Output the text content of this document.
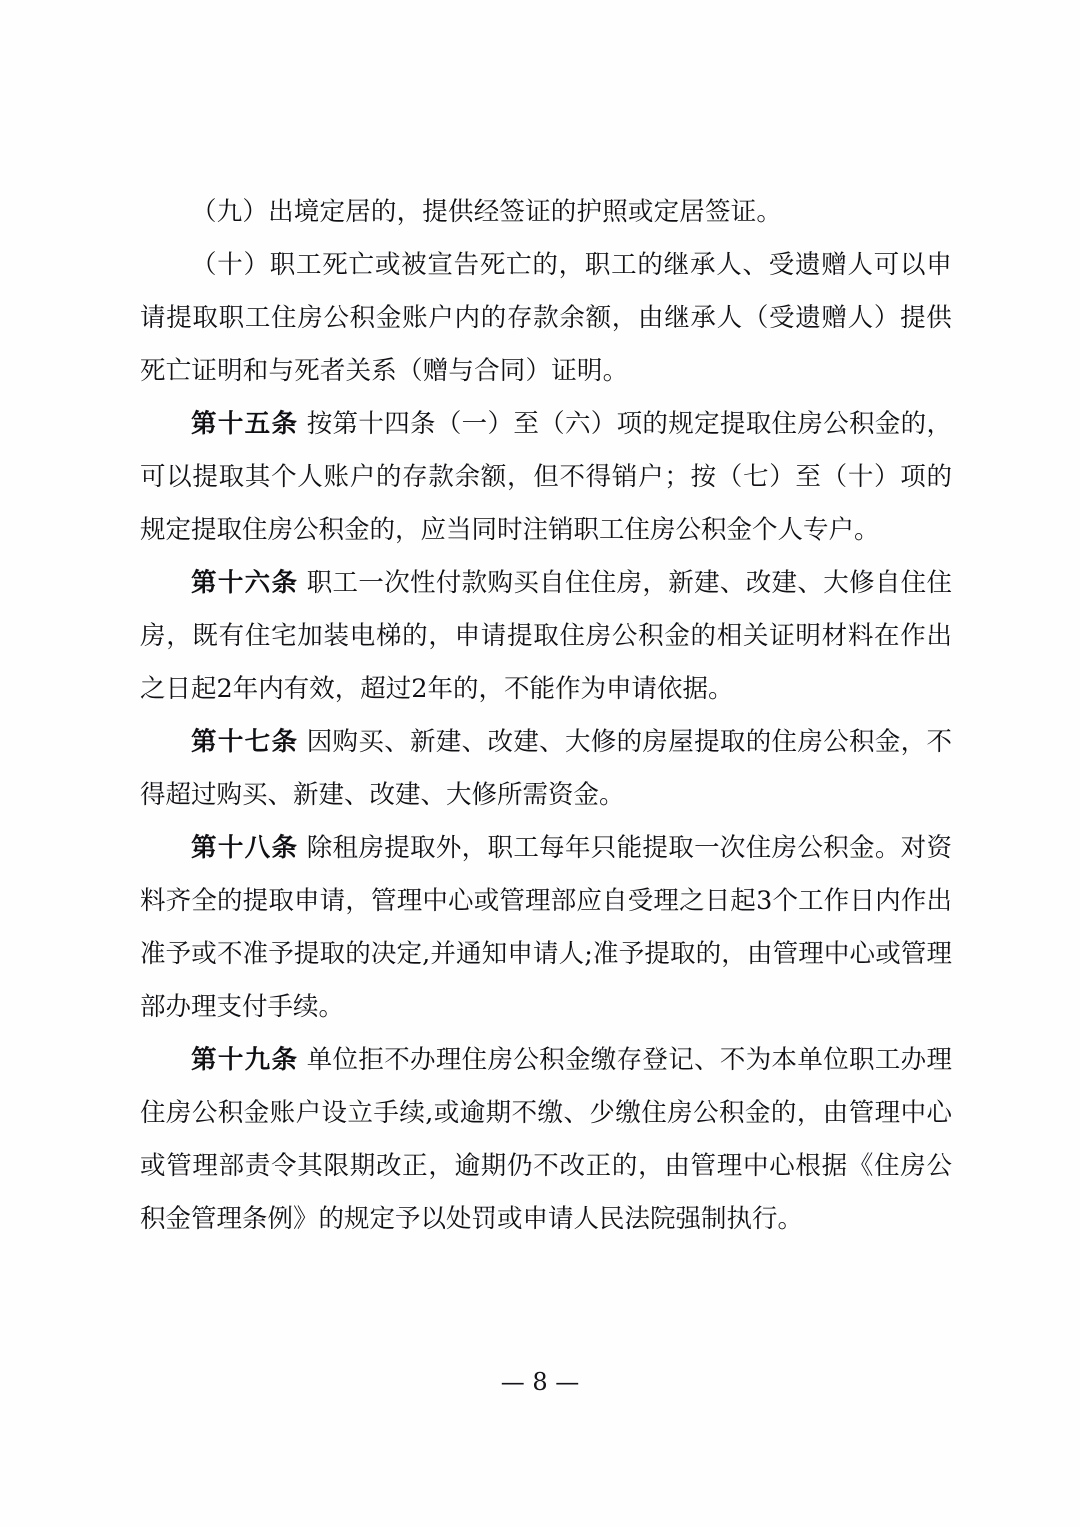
（九）出境定居的，提供经签证的护照或定居签证。

（十）职工死亡或被宣告死亡的，职工的继承人、受遗赠人可以申请提取职工住房公积金账户内的存款余额，由继承人（受遗赠人）提供死亡证明和与死者关系（赠与合同）证明。

第十五条 按第十四条（一）至（六）项的规定提取住房公积金的，可以提取其个人账户的存款余额，但不得销户；按（七）至（十）项的规定提取住房公积金的，应当同时注销职工住房公积金个人专户。

第十六条 职工一次性付款购买自住住房，新建、改建、大修自住住房，既有住宅加装电梯的，申请提取住房公积金的相关证明材料在作出之日起2年内有效，超过2年的，不能作为申请依据。

第十七条 因购买、新建、改建、大修的房屋提取的住房公积金，不得超过购买、新建、改建、大修所需资金。

第十八条 除租房提取外，职工每年只能提取一次住房公积金。对资料齐全的提取申请，管理中心或管理部应自受理之日起3个工作日内作出准予或不准予提取的决定,并通知申请人;准予提取的，由管理中心或管理部办理支付手续。

第十九条 单位拒不办理住房公积金缴存登记、不为本单位职工办理住房公积金账户设立手续,或逾期不缴、少缴住房公积金的，由管理中心或管理部责令其限期改正，逾期仍不改正的，由管理中心根据《住房公积金管理条例》的规定予以处罚或申请人民法院强制执行。

— 8 —
